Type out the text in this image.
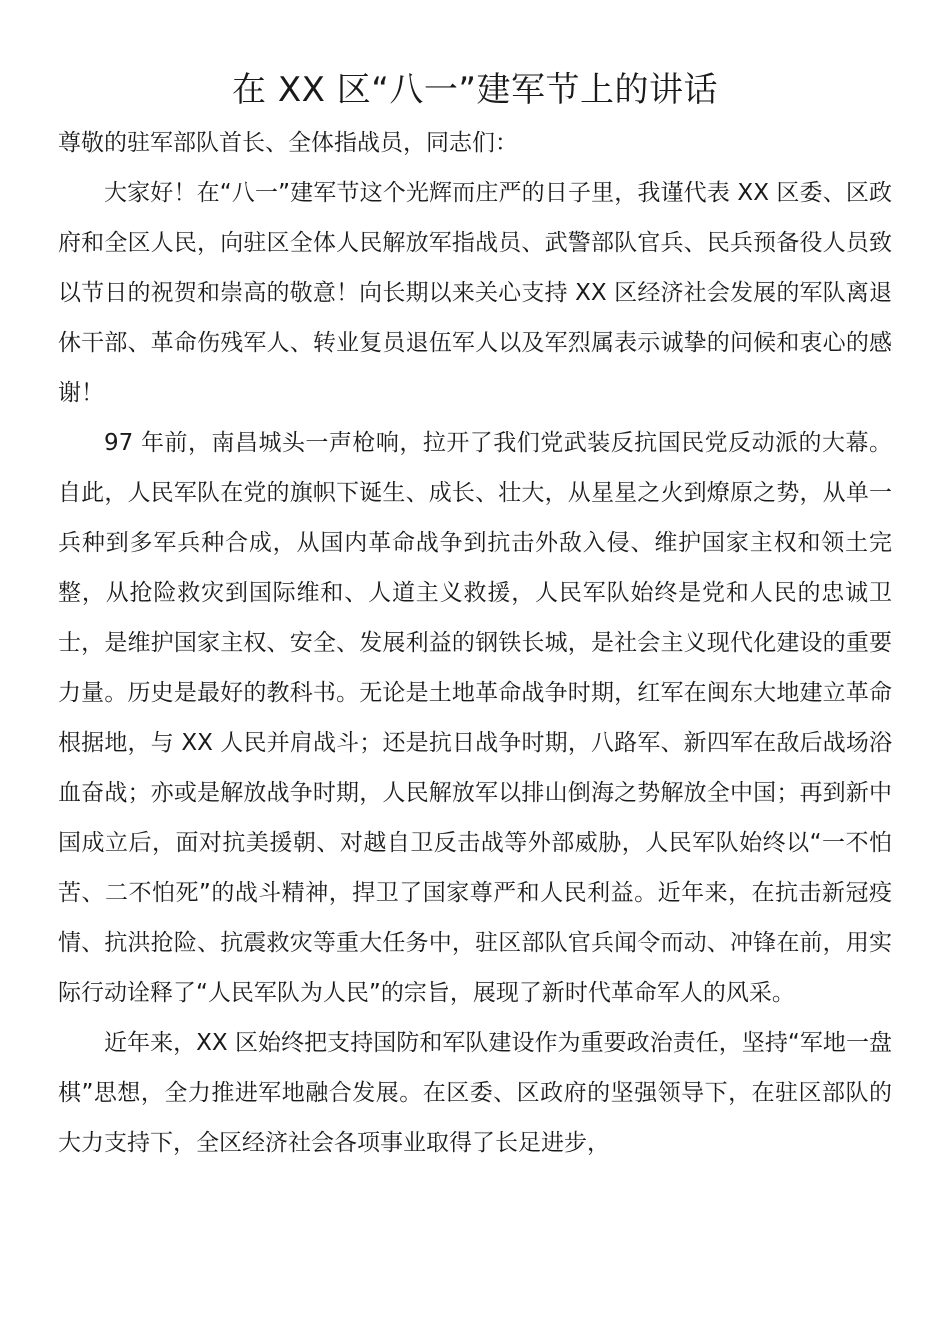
在 XX 区“八一”建军节上的讲话

尊敬的驻军部队首长、全体指战员，同志们：

大家好！在“八一”建军节这个光辉而庄严的日子里，我谨代表 XX 区委、区政府和全区人民，向驻区全体人民解放军指战员、武警部队官兵、民兵预备役人员致以节日的祝贺和崇高的敬意！向长期以来关心支持 XX 区经济社会发展的军队离退休干部、革命伤残军人、转业复员退伍军人以及军烈属表示诚挚的问候和衷心的感谢！

97 年前，南昌城头一声枪响，拉开了我们党武装反抗国民党反动派的大幕。自此，人民军队在党的旗帜下诞生、成长、壮大，从星星之火到燎原之势，从单一兵种到多军兵种合成，从国内革命战争到抗击外敌入侵、维护国家主权和领土完整，从抢险救灾到国际维和、人道主义救援，人民军队始终是党和人民的忠诚卫士，是维护国家主权、安全、发展利益的钢铁长城，是社会主义现代化建设的重要力量。历史是最好的教科书。无论是土地革命战争时期，红军在闽东大地建立革命根据地，与 XX 人民并肩战斗；还是抗日战争时期，八路军、新四军在敌后战场浴血奋战；亦或是解放战争时期，人民解放军以排山倒海之势解放全中国；再到新中国成立后，面对抗美援朝、对越自卫反击战等外部威胁，人民军队始终以“一不怕苦、二不怕死”的战斗精神，捍卫了国家尊严和人民利益。近年来，在抗击新冠疫情、抗洪抢险、抗震救灾等重大任务中，驻区部队官兵闻令而动、冲锋在前，用实际行动诠释了“人民军队为人民”的宗旨，展现了新时代革命军人的风采。

近年来，XX 区始终把支持国防和军队建设作为重要政治责任，坚持“军地一盘棋”思想，全力推进军地融合发展。在区委、区政府的坚强领导下，在驻区部队的大力支持下，全区经济社会各项事业取得了长足进步，
